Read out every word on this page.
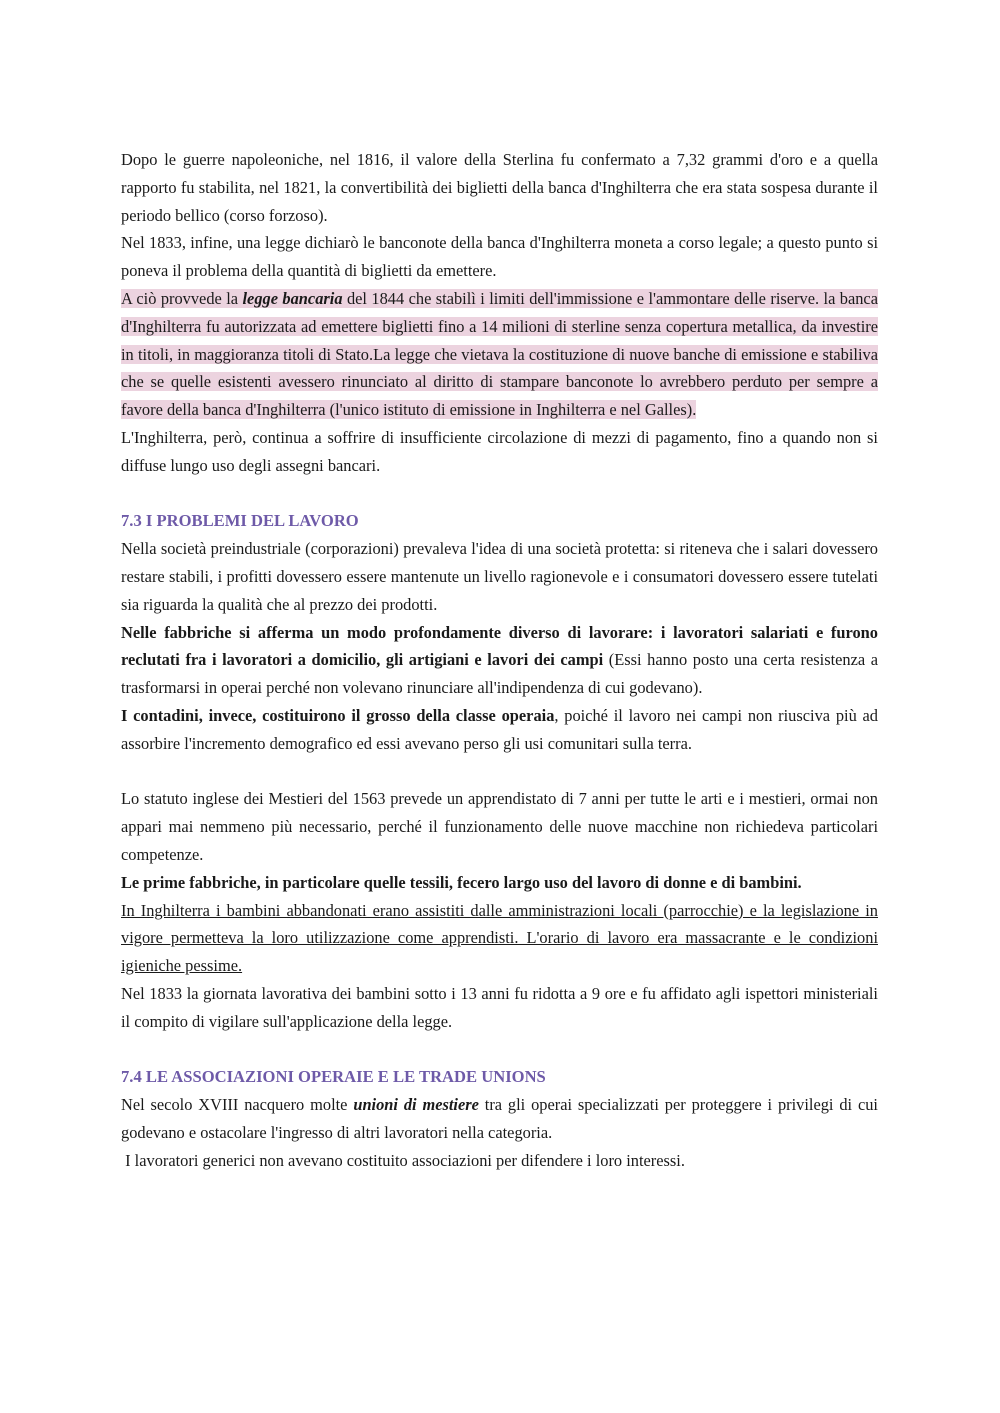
Dopo le guerre napoleoniche, nel 1816, il valore della Sterlina fu confermato a 7,32 grammi d'oro e a quella rapporto fu stabilita, nel 1821, la convertibilità dei biglietti della banca d'Inghilterra che era stata sospesa durante il periodo bellico (corso forzoso).

Nel 1833, infine, una legge dichiarò le banconote della banca d'Inghilterra moneta a corso legale; a questo punto si poneva il problema della quantità di biglietti da emettere.

A ciò provvede la legge bancaria del 1844 che stabilì i limiti dell'immissione e l'ammontare delle riserve. la banca d'Inghilterra fu autorizzata ad emettere biglietti fino a 14 milioni di sterline senza copertura metallica, da investire in titoli, in maggioranza titoli di Stato.La legge che vietava la costituzione di nuove banche di emissione e stabiliva che se quelle esistenti avessero rinunciato al diritto di stampare banconote lo avrebbero perduto per sempre a favore della banca d'Inghilterra (l'unico istituto di emissione in Inghilterra e nel Galles).

L'Inghilterra, però, continua a soffrire di insufficiente circolazione di mezzi di pagamento, fino a quando non si diffuse lungo uso degli assegni bancari.

7.3 I PROBLEMI DEL LAVORO

Nella società preindustriale (corporazioni) prevaleva l'idea di una società protetta: si riteneva che i salari dovessero restare stabili, i profitti dovessero essere mantenute un livello ragionevole e i consumatori dovessero essere tutelati sia riguarda la qualità che al prezzo dei prodotti.

Nelle fabbriche si afferma un modo profondamente diverso di lavorare: i lavoratori salariati e furono reclutati fra i lavoratori a domicilio, gli artigiani e lavori dei campi (Essi hanno posto una certa resistenza a trasformarsi in operai perché non volevano rinunciare all'indipendenza di cui godevano).

I contadini, invece, costituirono il grosso della classe operaia, poiché il lavoro nei campi non riusciva più ad assorbire l'incremento demografico ed essi avevano perso gli usi comunitari sulla terra.

Lo statuto inglese dei Mestieri del 1563 prevede un apprendistato di 7 anni per tutte le arti e i mestieri, ormai non appari mai nemmeno più necessario, perché il funzionamento delle nuove macchine non richiedeva particolari competenze.

Le prime fabbriche, in particolare quelle tessili, fecero largo uso del lavoro di donne e di bambini.

In Inghilterra i bambini abbandonati erano assistiti dalle amministrazioni locali (parrocchie) e la legislazione in vigore permetteva la loro utilizzazione come apprendisti. L'orario di lavoro era massacrante e le condizioni igieniche pessime.

Nel 1833 la giornata lavorativa dei bambini sotto i 13 anni fu ridotta a 9 ore e fu affidato agli ispettori ministeriali il compito di vigilare sull'applicazione della legge.

7.4 LE ASSOCIAZIONI OPERAIE E LE TRADE UNIONS

Nel secolo XVIII nacquero molte unioni di mestiere tra gli operai specializzati per proteggere i privilegi di cui godevano e ostacolare l'ingresso di altri lavoratori nella categoria.

I lavoratori generici non avevano costituito associazioni per difendere i loro interessi.
